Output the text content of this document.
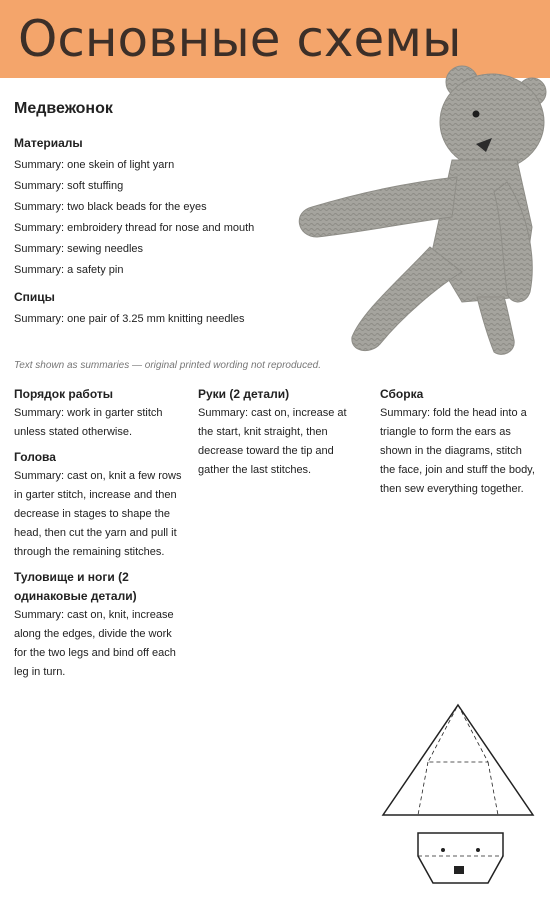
Основные схемы
Медвежонок
Материалы

Summary: one skein of light yarn

Summary: soft stuffing

Summary: two black beads for the eyes

Summary: embroidery thread for nose and mouth

Summary: sewing needles

Summary: a safety pin

Спицы

Summary: one pair of 3.25 mm knitting needles

Text shown as summaries — original printed wording not reproduced.
Порядок работы

Summary: work in garter stitch unless stated otherwise.

Голова

Summary: cast on, knit a few rows in garter stitch, increase and then decrease in stages to shape the head, then cut the yarn and pull it through the remaining stitches.

Туловище и ноги (2 одинаковые детали)

Summary: cast on, knit, increase along the edges, divide the work for the two legs and bind off each leg in turn.

Руки (2 детали)

Summary: cast on, increase at the start, knit straight, then decrease toward the tip and gather the last stitches.

Сборка

Summary: fold the head into a triangle to form the ears as shown in the diagrams, stitch the face, join and stuff the body, then sew everything together.
